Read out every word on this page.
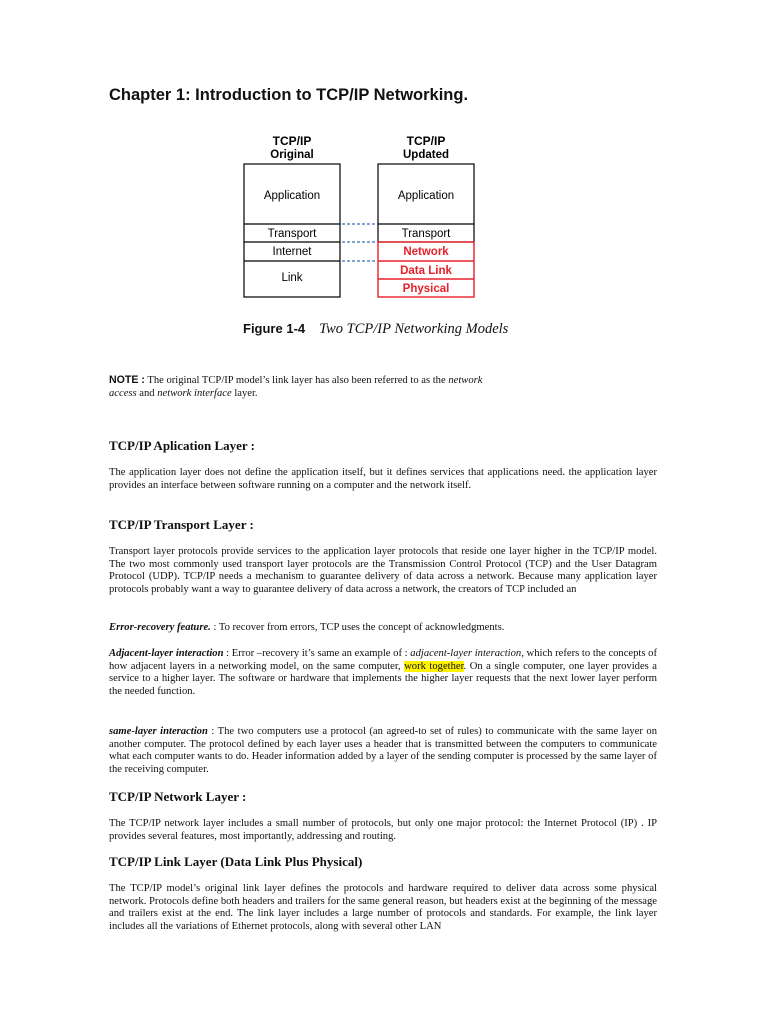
Chapter 1: Introduction to TCP/IP Networking.
TCP/IP
Original
TCP/IP
Updated
Application
Transport
Internet
Link
Application
Transport
Network
Data Link
Physical
Figure 1-4 Two TCP/IP Networking Models

NOTE : The original TCP/IP model’s link layer has also been referred to as the network
access and network interface layer.

TCP/IP Aplication Layer :

The application layer does not define the application itself, but it defines services that applications need. the application layer provides an interface between software running on a computer and the network itself.

TCP/IP Transport Layer :

Transport layer protocols provide services to the application layer protocols that reside one layer higher in the TCP/IP model. The two most commonly used transport layer protocols are the Transmission Control Protocol (TCP) and the User Datagram Protocol (UDP). TCP/IP needs a mechanism to guarantee delivery of data across a network. Because many application layer protocols probably want a way to guarantee delivery of data across a network, the creators of TCP included an

Error-recovery feature. : To recover from errors, TCP uses the concept of acknowledgments.

Adjacent-layer interaction : Error –recovery it’s same an example of : adjacent-layer interaction, which refers to the concepts of how adjacent layers in a networking model, on the same computer, work together. On a single computer, one layer provides a service to a higher layer. The software or hardware that implements the higher layer requests that the next lower layer perform the needed function.

same-layer interaction : The two computers use a protocol (an agreed-to set of rules) to communicate with the same layer on another computer. The protocol defined by each layer uses a header that is transmitted between the computers to communicate what each computer wants to do. Header information added by a layer of the sending computer is processed by the same layer of the receiving computer.

TCP/IP Network Layer :

The TCP/IP network layer includes a small number of protocols, but only one major protocol: the Internet Protocol (IP) . IP provides several features, most importantly, addressing and routing.

TCP/IP Link Layer (Data Link Plus Physical)

The TCP/IP model’s original link layer defines the protocols and hardware required to deliver data across some physical network. Protocols define both headers and trailers for the same general reason, but headers exist at the beginning of the message and trailers exist at the end. The link layer includes a large number of protocols and standards. For example, the link layer includes all the variations of Ethernet protocols, along with several other LAN
